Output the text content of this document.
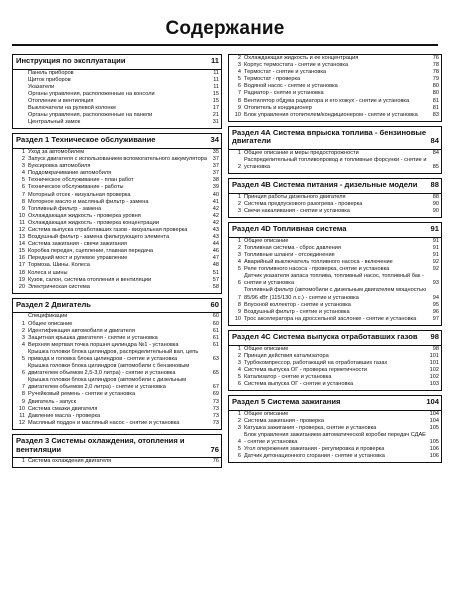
Содержание
Инструкция по эксплуатации	11
Панель приборов	11
Щиток приборов	11
Указатели	11
Органы управления, расположенные на консоли	15
Отопление и вентиляция	15
Выключатели на рулевой колонке	17
Органы управления, расположенные на панели	21
Центральный замок	31
Раздел 1 Техническое обслуживание	34
1 Уход за автомобилем	35
2 Запуск двигателя с использованием вспомогательного аккумулятора	37
3 Буксировка автомобиля	37
4 Поддомкрачивание автомобиля	37
5 Техническое обслуживание - план работ	38
6 Техническое обслуживание - работы	39
7 Моторный отсек - визуальная проверка	40
8 Моторное масло и масляный фильтр - замена	41
9 Топливный фильтр - замена	42
10 Охлаждающая жидкость - проверка уровня	42
11 Охлаждающая жидкость - проверка концентрации	42
12 Система выпуска отработавших газов - визуальная проверка	43
13 Воздушный фильтр - замена фильтрующего элемента	43
14 Система зажигания - свечи зажигания	44
15 Коробка передач, сцепление, главная передача	46
16 Передний мост и рулевое управление	47
17 Тормоза. Шины. Колеса	48
18 Колеса и шины	51
19 Кузов, салон, система отопления и вентиляции	57
20 Электрическая система	58
Раздел 2 Двигатель	60
Спецификации	60
1 Общее описание	60
2 Идентификация автомобиля и двигателя	61
3 Защитная крышка двигателя - снятие и установка	61
4 Верхняя мертвая точка поршня цилиндра №1 - установка	61
5
Крышка головки блока цилиндров, распределительный вал, цепь привода и головка блока цилиндров - снятие и установка	63
6
Крышка головки блока цилиндров (автомобили с бензиновым двигателем объемом 2,5-3,0 литра) - снятие и установка	65
7
Крышка головки блока цилиндров (автомобили с дизельным двигателем объемом 2,0 литра) - снятие и установка	67
8 Ручейковый ремень - снятие и установка	69
9 Двигатель - запуск	73
10 Система смазки двигателя	73
11 Давление масла - проверка	73
12 Масляный поддон и масляный насос - снятие и установка	73
Раздел 3 Системы охлаждения, отопления и вентиляции	76
1 Система охлаждения двигателя	76
2 Охлаждающая жидкость и ее концентрация	76
3 Корпус термостата - снятие и установка	78
4 Термостат - снятие и установка	78
5 Термостат - проверка	79
6 Водяной насос - снятие и установка	80
7 Радиатор - снятие и установка	80
8 Вентилятор обдува радиатора и его кожух - снятие и установка	81
9 Отопитель и кондиционер	81
10 Блок управления отопителем/кондиционером - снятие и установка	83
Раздел 4А Система впрыска топлива - бензиновые двигатели	84
1 Общее описание и меры предосторожности	84
2
Распределительный топливопровод и топливные форсунки - снятие и установка	85
Раздел 4В Система питания - дизельные модели	88
1 Принцип работы дизельного двигателя	88
2 Система предпускового разогрева - проверка	90
3 Свечи накаливания - снятие и установка	90
Раздел 4D Топливная система	91
1 Общее описание	91
2 Топливная система - сброс давления	91
3 Топливные шланги - отсоединение	91
4 Аварийный выключатель топливного насоса - включение	92
5 Реле топливного насоса - проверка, снятие и установка	92
6
Датчик указателя запаса топлива, топливный насос, топливный бак - снятие и установка	93
7
Топливный фильтр (автомобили с дизельным двигателем мощностью 85/96 кВт (115/130 л.с.) - снятие и установка	94
8 Впускной коллектор - снятие и установка	95
9 Воздушный фильтр - снятие и установка	96
10 Трос акселератора на дроссельной заслонке - снятие и установка	97
Раздел 4С Система выпуска отработавших газов	98
1 Общее описание	98
2 Принцип действия катализатора	101
3 Турбокомпрессор, работающий на отработавших газах	101
4 Система выпуска ОГ - проверка герметичности	102
5 Катализатор - снятие и установка	102
6 Система выпуска ОГ - снятие и установка	103
Раздел 5 Система зажигания	104
1 Общее описание	104
2 Система зажигания - проверка	104
3 Катушка зажигания - проверка, снятие и установка	105
4
Блок управления зажиганием автоматической коробки передач СДАЕ - снятие и установка	105
5 Угол опережения зажигания - регулировка и проверка	106
6 Датчик детонационного сгорания - снятие и установка	106
